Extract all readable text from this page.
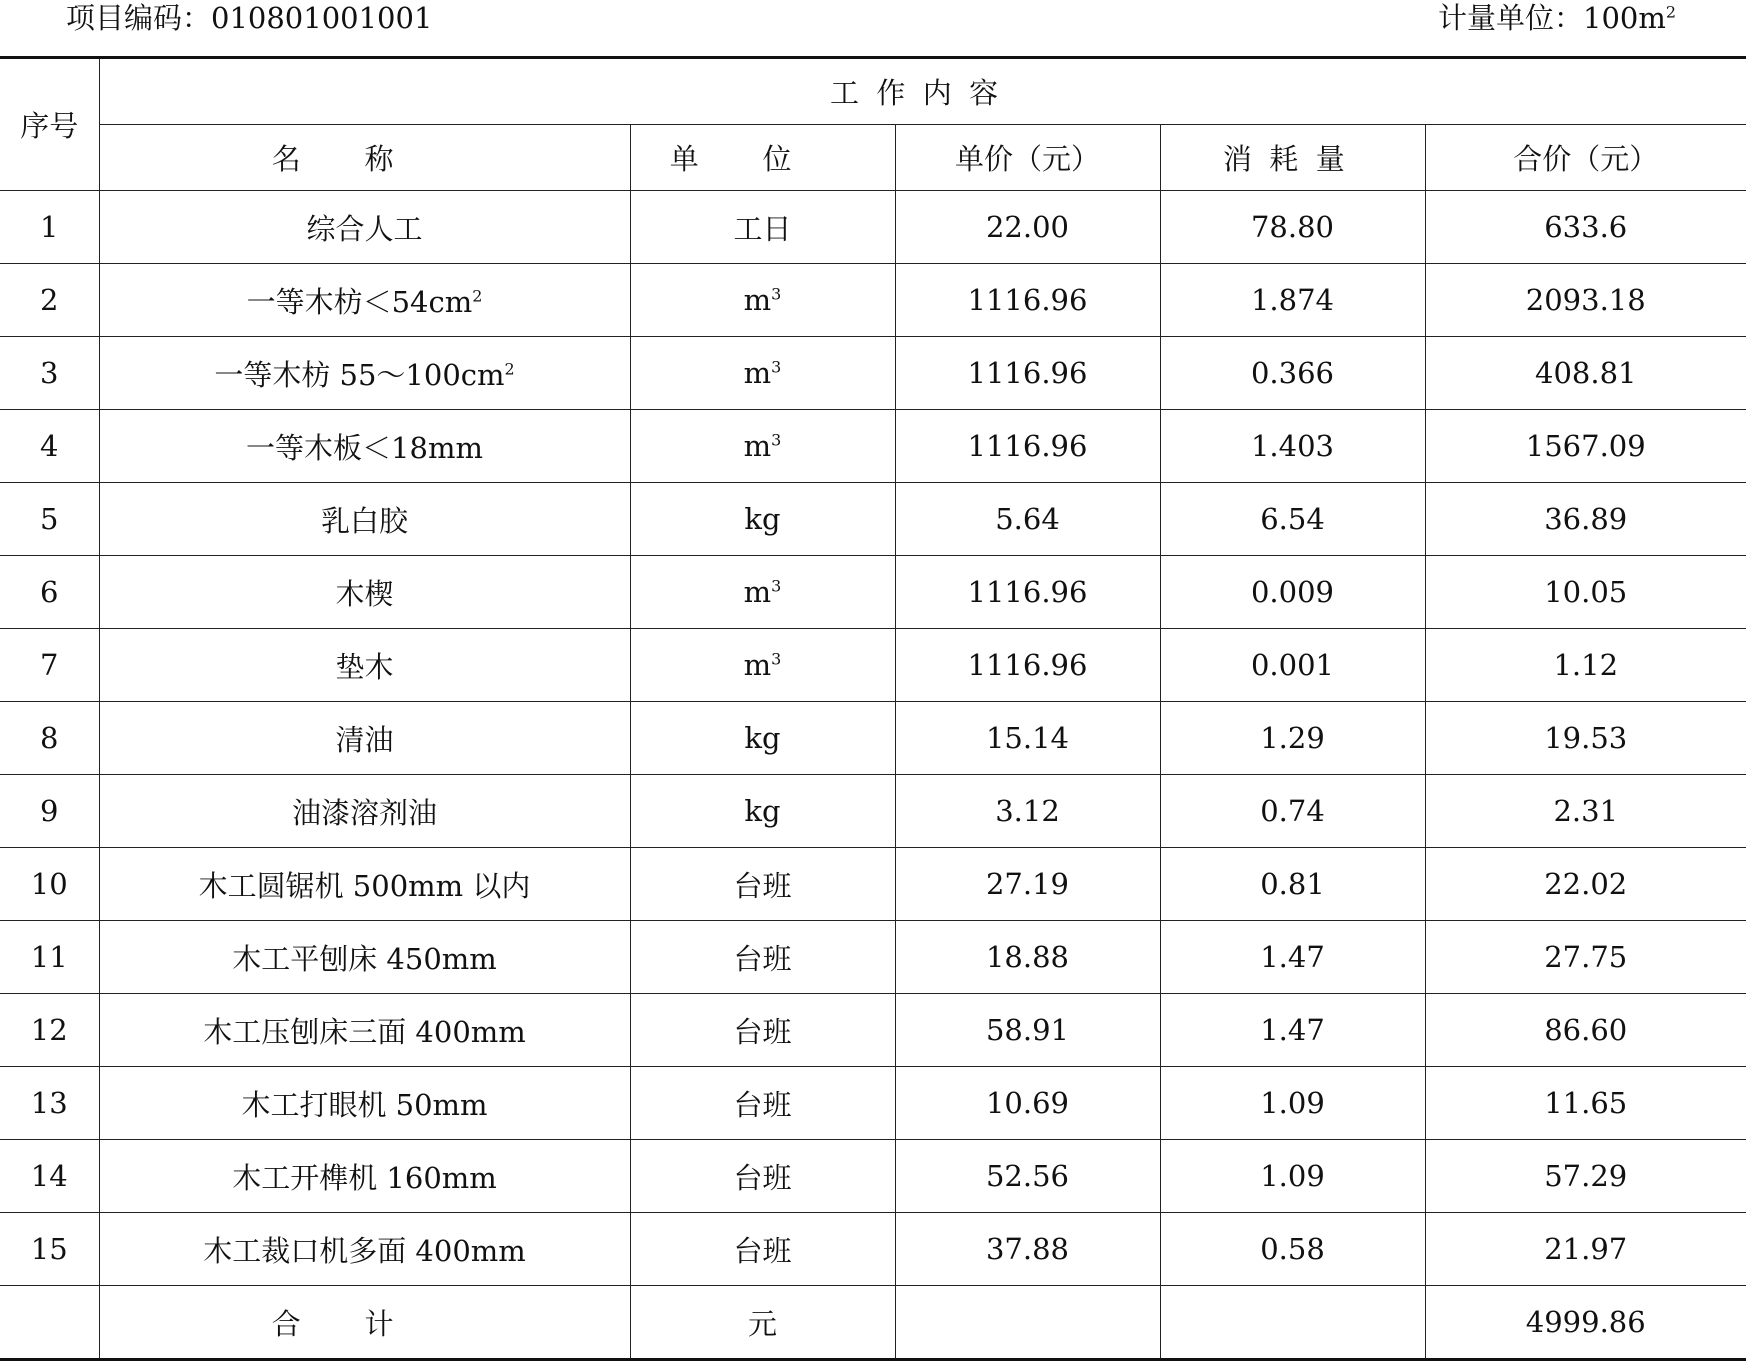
项目编码：010801001001	计量单位：$100m^2$
序号	工作内容				
	名称	单位	单价（元）	消耗量	合价（元）
1	综合人工	工日	22.00	78.80	633.6
2	一等木枋$<54cm^2$	$m^3$	1116.96	1.874	2093.18
3	一等木枋 $55\sim 100cm^2$	$m^3$	1116.96	0.366	408.81
4	一等木板＜18mm	$m^3$	1116.96	1.403	1567.09
5	乳白胶	kg	5.64	6.54	36.89
6	木楔	$m^3$	1116.96	0.009	10.05
7	垫木	$m^3$	1116.96	0.001	1.12
8	清油	kg	15.14	1.29	19.53
9	油漆溶剂油	kg	3.12	0.74	2.31
10	木工圆锯机 500mm 以内	台班	27.19	0.81	22.02
11	木工平刨床 450mm	台班	18.88	1.47	27.75
12	木工压刨床三面 400mm	台班	58.91	1.47	86.60
13	木工打眼机 50mm	台班	10.69	1.09	11.65
14	木工开榫机 160mm	台班	52.56	1.09	57.29
15	木工裁口机多面 400mm	台班	37.88	0.58	21.97
	合计	元			4999.86
